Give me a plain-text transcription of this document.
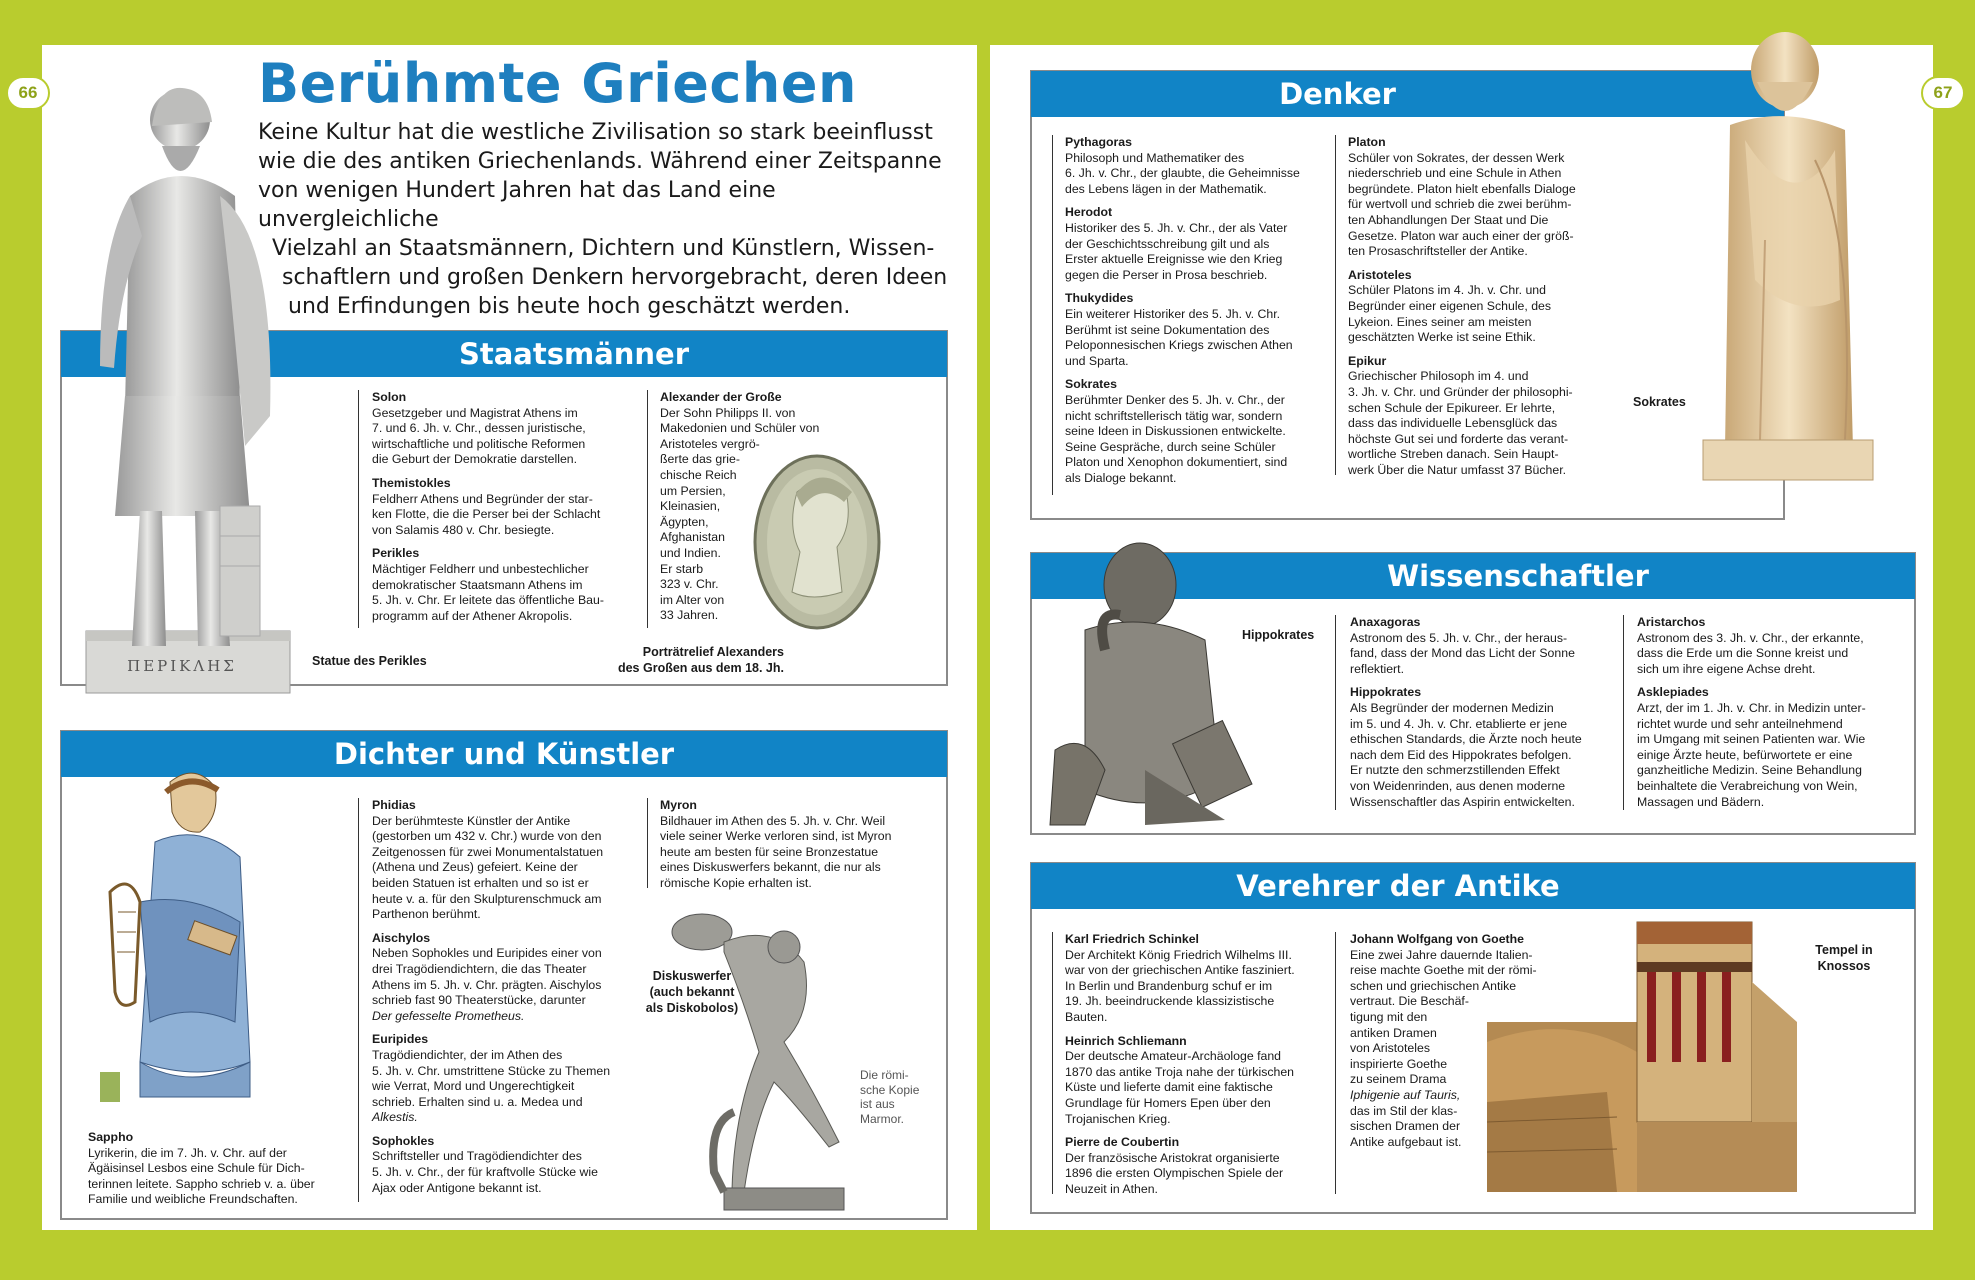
66	67
Berühmte Griechen
Keine Kultur hat die westliche Zivilisation so stark beeinflusst
wie die des antiken Griechenlands. Während einer Zeitspanne
von wenigen Hundert Jahren hat das Land eine unvergleichliche
Vielzahl an Staatsmännern, Dichtern und Künstlern, Wissen-
schaftlern und großen Denkern hervorgebracht, deren Ideen
und Erfindungen bis heute hoch geschätzt werden.
Staatsmänner
ΠΕΡΙΚΛΗΣ	Statue des Perikles
Solon
Gesetzgeber und Magistrat Athens im
7. und 6. Jh. v. Chr., dessen juristische,
wirtschaftliche und politische Reformen
die Geburt der Demokratie darstellen.
Themistokles
Feldherr Athens und Begründer der star-
ken Flotte, die die Perser bei der Schlacht
von Salamis 480 v. Chr. besiegte.
Perikles
Mächtiger Feldherr und unbestechlicher
demokratischer Staatsmann Athens im
5. Jh. v. Chr. Er leitete das öffentliche Bau-
programm auf der Athener Akropolis.
Alexander der Große
Der Sohn Philipps II. von
Makedonien und Schüler von
Aristoteles vergrö-
ßerte das grie-
chische Reich
um Persien,
Kleinasien,
Ägypten,
Afghanistan
und Indien.
Er starb
323 v. Chr.
im Alter von
33 Jahren.
Porträtrelief Alexanders
des Großen aus dem 18. Jh.
Dichter und Künstler
Sappho
Lyrikerin, die im 7. Jh. v. Chr. auf der
Ägäisinsel Lesbos eine Schule für Dich-
terinnen leitete. Sappho schrieb v. a. über
Familie und weibliche Freundschaften.
Phidias
Der berühmteste Künstler der Antike
(gestorben um 432 v. Chr.) wurde von den
Zeitgenossen für zwei Monumentalstatuen
(Athena und Zeus) gefeiert. Keine der
beiden Statuen ist erhalten und so ist er
heute v. a. für den Skulpturenschmuck am
Parthenon berühmt.
Aischylos
Neben Sophokles und Euripides einer von
drei Tragödiendichtern, die das Theater
Athens im 5. Jh. v. Chr. prägten. Aischylos
schrieb fast 90 Theaterstücke, darunter
Der gefesselte Prometheus.
Euripides
Tragödiendichter, der im Athen des
5. Jh. v. Chr. umstrittene Stücke zu Themen
wie Verrat, Mord und Ungerechtigkeit
schrieb. Erhalten sind u. a. Medea und
Alkestis.
Sophokles
Schriftsteller und Tragödiendichter des
5. Jh. v. Chr., der für kraftvolle Stücke wie
Ajax oder Antigone bekannt ist.
Myron
Bildhauer im Athen des 5. Jh. v. Chr. Weil
viele seiner Werke verloren sind, ist Myron
heute am besten für seine Bronzestatue
eines Diskuswerfers bekannt, die nur als
römische Kopie erhalten ist.
Diskuswerfer
(auch bekannt
als Diskobolos)
Die römi-
sche Kopie
ist aus
Marmor.
Denker
Pythagoras
Philosoph und Mathematiker des
6. Jh. v. Chr., der glaubte, die Geheimnisse
des Lebens lägen in der Mathematik.
Herodot
Historiker des 5. Jh. v. Chr., der als Vater
der Geschichtsschreibung gilt und als
Erster aktuelle Ereignisse wie den Krieg
gegen die Perser in Prosa beschrieb.
Thukydides
Ein weiterer Historiker des 5. Jh. v. Chr.
Berühmt ist seine Dokumentation des
Peloponnesischen Kriegs zwischen Athen
und Sparta.
Sokrates
Berühmter Denker des 5. Jh. v. Chr., der
nicht schriftstellerisch tätig war, sondern
seine Ideen in Diskussionen entwickelte.
Seine Gespräche, durch seine Schüler
Platon und Xenophon dokumentiert, sind
als Dialoge bekannt.
Platon
Schüler von Sokrates, der dessen Werk
niederschrieb und eine Schule in Athen
begründete. Platon hielt ebenfalls Dialoge
für wertvoll und schrieb die zwei berühm-
ten Abhandlungen Der Staat und Die
Gesetze. Platon war auch einer der größ-
ten Prosaschriftsteller der Antike.
Aristoteles
Schüler Platons im 4. Jh. v. Chr. und
Begründer einer eigenen Schule, des
Lykeion. Eines seiner am meisten
geschätzten Werke ist seine Ethik.
Epikur
Griechischer Philosoph im 4. und
3. Jh. v. Chr. und Gründer der philosophi-
schen Schule der Epikureer. Er lehrte,
dass das individuelle Lebensglück das
höchste Gut sei und forderte das verant-
wortliche Streben danach. Sein Haupt-
werk Über die Natur umfasst 37 Bücher.
Sokrates
Wissenschaftler
Hippokrates
Anaxagoras
Astronom des 5. Jh. v. Chr., der heraus-
fand, dass der Mond das Licht der Sonne
reflektiert.
Hippokrates
Als Begründer der modernen Medizin
im 5. und 4. Jh. v. Chr. etablierte er jene
ethischen Standards, die Ärzte noch heute
nach dem Eid des Hippokrates befolgen.
Er nutzte den schmerzstillenden Effekt
von Weidenrinden, aus denen moderne
Wissenschaftler das Aspirin entwickelten.
Aristarchos
Astronom des 3. Jh. v. Chr., der erkannte,
dass die Erde um die Sonne kreist und
sich um ihre eigene Achse dreht.
Asklepiades
Arzt, der im 1. Jh. v. Chr. in Medizin unter-
richtet wurde und sehr anteilnehmend
im Umgang mit seinen Patienten war. Wie
einige Ärzte heute, befürwortete er eine
ganzheitliche Medizin. Seine Behandlung
beinhaltete die Verabreichung von Wein,
Massagen und Bädern.
Verehrer der Antike
Karl Friedrich Schinkel
Der Architekt König Friedrich Wilhelms III.
war von der griechischen Antike fasziniert.
In Berlin und Brandenburg schuf er im
19. Jh. beeindruckende klassizistische
Bauten.
Heinrich Schliemann
Der deutsche Amateur-Archäologe fand
1870 das antike Troja nahe der türkischen
Küste und lieferte damit eine faktische
Grundlage für Homers Epen über den
Trojanischen Krieg.
Pierre de Coubertin
Der französische Aristokrat organisierte
1896 die ersten Olympischen Spiele der
Neuzeit in Athen.
Johann Wolfgang von Goethe
Eine zwei Jahre dauernde Italien-
reise machte Goethe mit der römi-
schen und griechischen Antike
vertraut. Die Beschäf-
tigung mit den
antiken Dramen
von Aristoteles
inspirierte Goethe
zu seinem Drama
Iphigenie auf Tauris,
das im Stil der klas-
sischen Dramen der
Antike aufgebaut ist.
Tempel in
Knossos
